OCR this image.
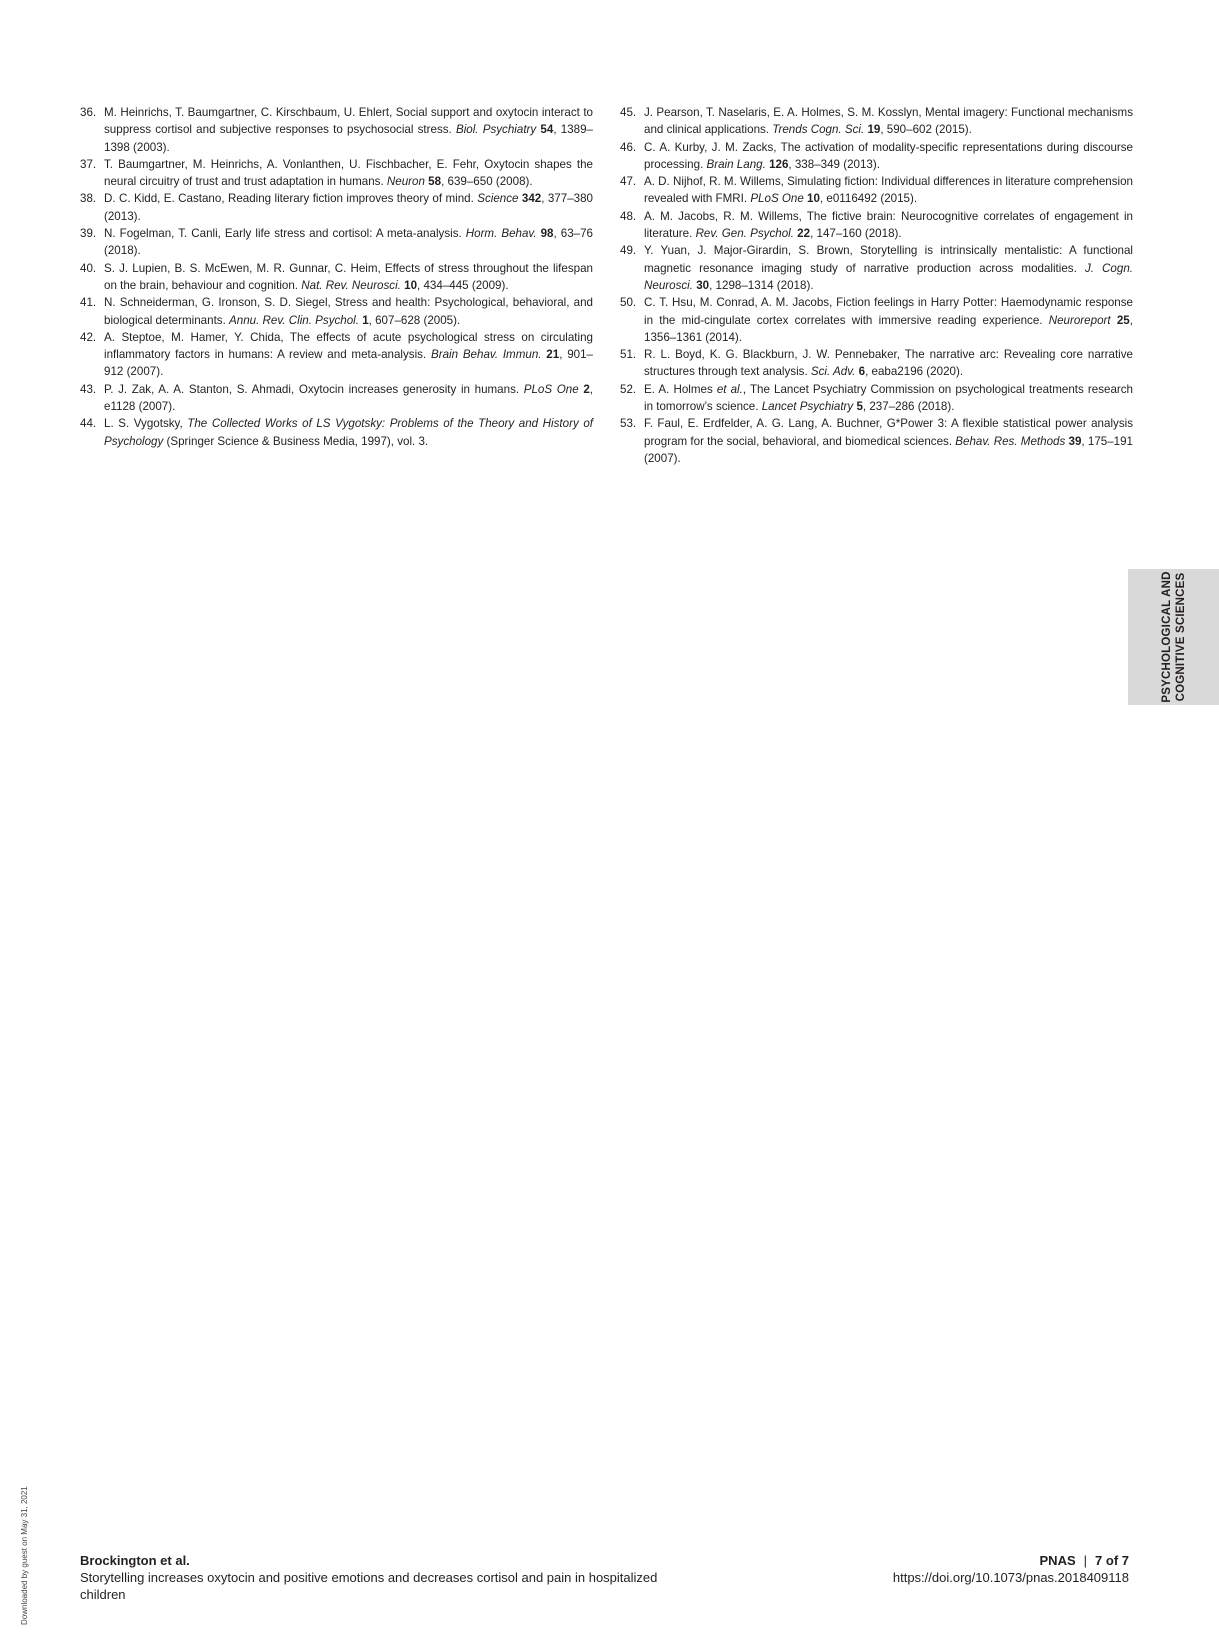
36. M. Heinrichs, T. Baumgartner, C. Kirschbaum, U. Ehlert, Social support and oxytocin interact to suppress cortisol and subjective responses to psychosocial stress. Biol. Psychiatry 54, 1389–1398 (2003).

37. T. Baumgartner, M. Heinrichs, A. Vonlanthen, U. Fischbacher, E. Fehr, Oxytocin shapes the neural circuitry of trust and trust adaptation in humans. Neuron 58, 639–650 (2008).

38. D. C. Kidd, E. Castano, Reading literary fiction improves theory of mind. Science 342, 377–380 (2013).

39. N. Fogelman, T. Canli, Early life stress and cortisol: A meta-analysis. Horm. Behav. 98, 63–76 (2018).

40. S. J. Lupien, B. S. McEwen, M. R. Gunnar, C. Heim, Effects of stress throughout the lifespan on the brain, behaviour and cognition. Nat. Rev. Neurosci. 10, 434–445 (2009).

41. N. Schneiderman, G. Ironson, S. D. Siegel, Stress and health: Psychological, behavioral, and biological determinants. Annu. Rev. Clin. Psychol. 1, 607–628 (2005).

42. A. Steptoe, M. Hamer, Y. Chida, The effects of acute psychological stress on circulating inflammatory factors in humans: A review and meta-analysis. Brain Behav. Immun. 21, 901–912 (2007).

43. P. J. Zak, A. A. Stanton, S. Ahmadi, Oxytocin increases generosity in humans. PLoS One 2, e1128 (2007).

44. L. S. Vygotsky, The Collected Works of LS Vygotsky: Problems of the Theory and History of Psychology (Springer Science & Business Media, 1997), vol. 3.

45. J. Pearson, T. Naselaris, E. A. Holmes, S. M. Kosslyn, Mental imagery: Functional mechanisms and clinical applications. Trends Cogn. Sci. 19, 590–602 (2015).

46. C. A. Kurby, J. M. Zacks, The activation of modality-specific representations during discourse processing. Brain Lang. 126, 338–349 (2013).

47. A. D. Nijhof, R. M. Willems, Simulating fiction: Individual differences in literature comprehension revealed with FMRI. PLoS One 10, e0116492 (2015).

48. A. M. Jacobs, R. M. Willems, The fictive brain: Neurocognitive correlates of engagement in literature. Rev. Gen. Psychol. 22, 147–160 (2018).

49. Y. Yuan, J. Major-Girardin, S. Brown, Storytelling is intrinsically mentalistic: A functional magnetic resonance imaging study of narrative production across modalities. J. Cogn. Neurosci. 30, 1298–1314 (2018).

50. C. T. Hsu, M. Conrad, A. M. Jacobs, Fiction feelings in Harry Potter: Haemodynamic response in the mid-cingulate cortex correlates with immersive reading experience. Neuroreport 25, 1356–1361 (2014).

51. R. L. Boyd, K. G. Blackburn, J. W. Pennebaker, The narrative arc: Revealing core narrative structures through text analysis. Sci. Adv. 6, eaba2196 (2020).

52. E. A. Holmes et al., The Lancet Psychiatry Commission on psychological treatments research in tomorrow’s science. Lancet Psychiatry 5, 237–286 (2018).

53. F. Faul, E. Erdfelder, A. G. Lang, A. Buchner, G*Power 3: A flexible statistical power analysis program for the social, behavioral, and biomedical sciences. Behav. Res. Methods 39, 175–191 (2007).

PSYCHOLOGICAL AND COGNITIVE SCIENCES
Downloaded by guest on May 31, 2021	Brockington et al.
Storytelling increases oxytocin and positive emotions and decreases cortisol and pain in hospitalized children
PNAS | 7 of 7
https://doi.org/10.1073/pnas.2018409118
